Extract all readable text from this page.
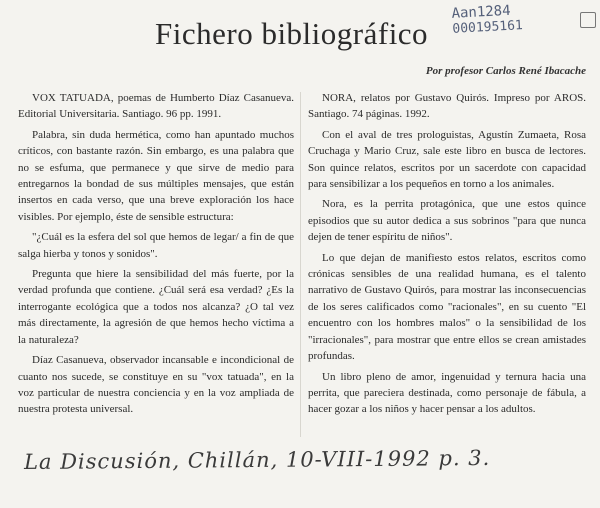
Aan1284
000195161
Fichero bibliográfico
Por profesor Carlos René Ibacache

VOX TATUADA, poemas de Humberto Díaz Casanueva. Editorial Universitaria. Santiago. 96 pp. 1991.

Palabra, sin duda hermética, como han apuntado muchos críticos, con bastante razón. Sin embargo, es una palabra que no se esfuma, que permanece y que sirve de medio para entregarnos la bondad de sus múltiples mensajes, que están insertos en cada verso, que una breve exploración los hace visibles. Por ejemplo, éste de sensible estructura:

"¿Cuál es la esfera del sol que hemos de legar/ a fin de que salga hierba y tonos y sonidos".

Pregunta que hiere la sensibilidad del más fuerte, por la verdad profunda que contiene. ¿Cuál será esa verdad? ¿Es la interrogante ecológica que a todos nos alcanza? ¿O tal vez más directamente, la agresión de que hemos hecho víctima a la naturaleza?

Díaz Casanueva, observador incansable e incondicional de cuanto nos sucede, se constituye en su "vox tatuada", en la voz particular de nuestra conciencia y en la voz ampliada de nuestra protesta universal.

NORA, relatos por Gustavo Quirós. Impreso por AROS. Santiago. 74 páginas. 1992.

Con el aval de tres prologuistas, Agustín Zumaeta, Rosa Cruchaga y Mario Cruz, sale este libro en busca de lectores. Son quince relatos, escritos por un sacerdote con capacidad para sensibilizar a los pequeños en torno a los animales.

Nora, es la perrita protagónica, que une estos quince episodios que su autor dedica a sus sobrinos "para que nunca dejen de tener espíritu de niños".

Lo que dejan de manifiesto estos relatos, escritos como crónicas sensibles de una realidad humana, es el talento narrativo de Gustavo Quirós, para mostrar las inconsecuencias de los seres calificados como "racionales", en su cuento "El encuentro con los hombres malos" o la sensibilidad de los "irracionales", para mostrar que entre ellos se crean amistades profundas.

Un libro pleno de amor, ingenuidad y ternura hacia una perrita, que pareciera destinada, como personaje de fábula, a hacer gozar a los niños y hacer pensar a los adultos.

La Discusión, Chillán, 10-VIII-1992 p. 3.
